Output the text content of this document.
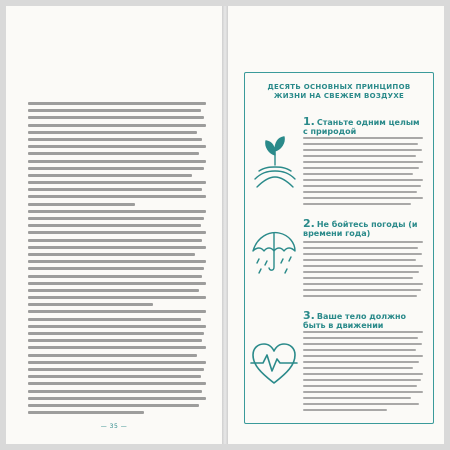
— 35 —
ДЕСЯТЬ ОСНОВНЫХ ПРИНЦИПОВ
ЖИЗНИ НА СВЕЖЕМ ВОЗДУХЕ
1. Станьте одним целым с природой
2. Не бойтесь погоды (и времени года)
3. Ваше тело должно быть в движении
